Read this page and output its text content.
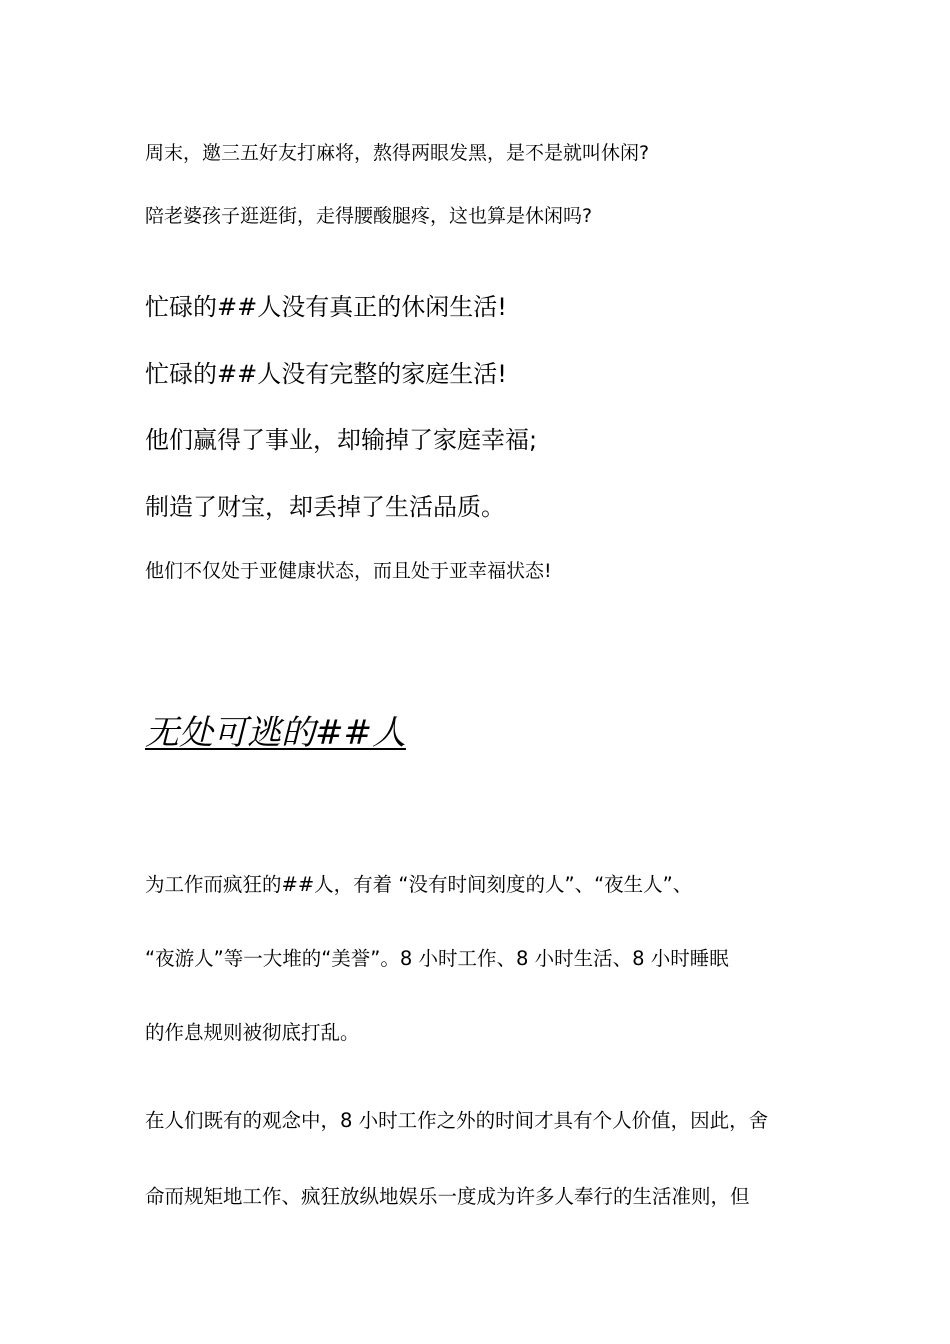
周末，邀三五好友打麻将，熬得两眼发黑，是不是就叫休闲?

陪老婆孩子逛逛街，走得腰酸腿疼，这也算是休闲吗?

忙碌的##人没有真正的休闲生活!

忙碌的##人没有完整的家庭生活!

他们赢得了事业，却输掉了家庭幸福;

制造了财宝，却丢掉了生活品质。

他们不仅处于亚健康状态，而且处于亚幸福状态!

无处可逃的##人

为工作而疯狂的##人，有着 “没有时间刻度的人”、“夜生人”、

“夜游人”等一大堆的“美誉”。8 小时工作、8 小时生活、8 小时睡眠

的作息规则被彻底打乱。

在人们既有的观念中，8 小时工作之外的时间才具有个人价值，因此，舍

命而规矩地工作、疯狂放纵地娱乐一度成为许多人奉行的生活准则，但
